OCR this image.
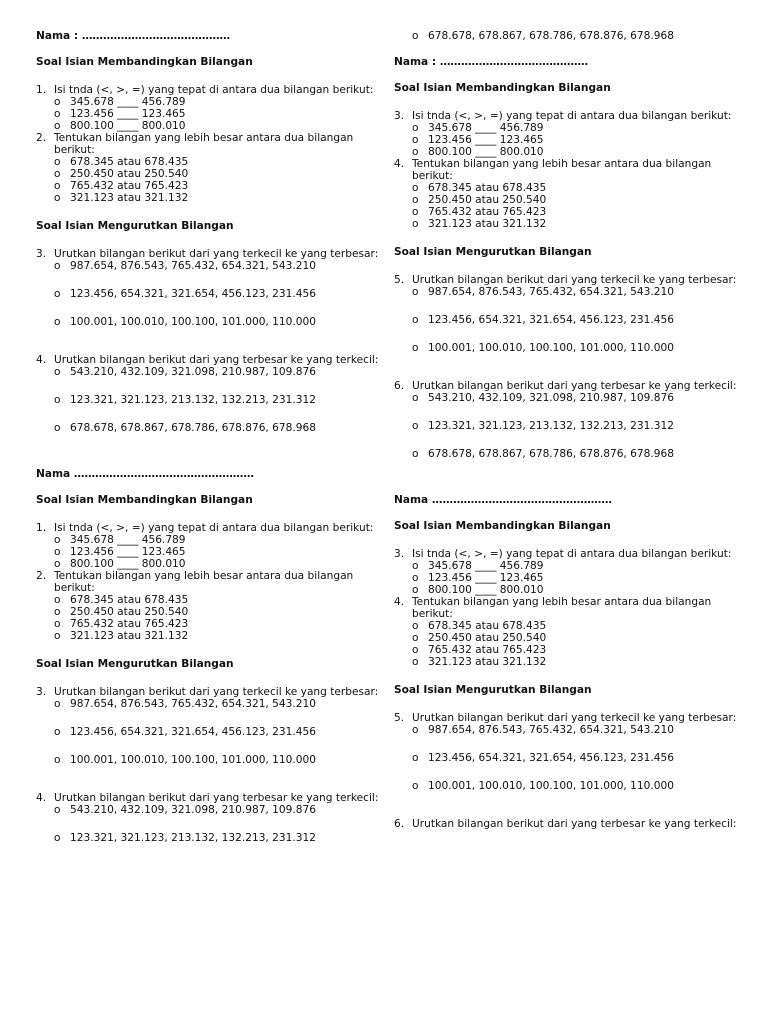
Nama : ……………………………………

Soal Isian Membandingkan Bilangan

1. Isi tnda (<, >, =) yang tepat di antara dua bilangan berikut:
o 345.678 ____ 456.789
o 123.456 ____ 123.465
o 800.100 ____ 800.010
2. Tentukan bilangan yang lebih besar antara dua bilangan berikut:
o 678.345 atau 678.435
o 250.450 atau 250.540
o 765.432 atau 765.423
o 321.123 atau 321.132

Soal Isian Mengurutkan Bilangan

3. Urutkan bilangan berikut dari yang terkecil ke yang terbesar:
o 987.654, 876.543, 765.432, 654.321, 543.210
o 123.456, 654.321, 321.654, 456.123, 231.456
o 100.001, 100.010, 100.100, 101.000, 110.000
4. Urutkan bilangan berikut dari yang terbesar ke yang terkecil:
o 543.210, 432.109, 321.098, 210.987, 109.876
o 123.321, 321.123, 213.132, 132.213, 231.312
o 678.678, 678.867, 678.786, 678.876, 678.968

Nama ……………………………………………

Soal Isian Membandingkan Bilangan

1. Isi tnda (<, >, =) yang tepat di antara dua bilangan berikut:
o 345.678 ____ 456.789
o 123.456 ____ 123.465
o 800.100 ____ 800.010
2. Tentukan bilangan yang lebih besar antara dua bilangan berikut:
o 678.345 atau 678.435
o 250.450 atau 250.540
o 765.432 atau 765.423
o 321.123 atau 321.132

Soal Isian Mengurutkan Bilangan

3. Urutkan bilangan berikut dari yang terkecil ke yang terbesar:
o 987.654, 876.543, 765.432, 654.321, 543.210
o 123.456, 654.321, 321.654, 456.123, 231.456
o 100.001, 100.010, 100.100, 101.000, 110.000
4. Urutkan bilangan berikut dari yang terbesar ke yang terkecil:
o 543.210, 432.109, 321.098, 210.987, 109.876
o 123.321, 321.123, 213.132, 132.213, 231.312
o 678.678, 678.867, 678.786, 678.876, 678.968

Nama : ……………………………………

Soal Isian Membandingkan Bilangan

3. Isi tnda (<, >, =) yang tepat di antara dua bilangan berikut:
o 345.678 ____ 456.789
o 123.456 ____ 123.465
o 800.100 ____ 800.010
4. Tentukan bilangan yang lebih besar antara dua bilangan berikut:
o 678.345 atau 678.435
o 250.450 atau 250.540
o 765.432 atau 765.423
o 321.123 atau 321.132

Soal Isian Mengurutkan Bilangan

5. Urutkan bilangan berikut dari yang terkecil ke yang terbesar:
o 987.654, 876.543, 765.432, 654.321, 543.210
o 123.456, 654.321, 321.654, 456.123, 231.456
o 100.001, 100.010, 100.100, 101.000, 110.000
6. Urutkan bilangan berikut dari yang terbesar ke yang terkecil:
o 543.210, 432.109, 321.098, 210.987, 109.876
o 123.321, 321.123, 213.132, 132.213, 231.312
o 678.678, 678.867, 678.786, 678.876, 678.968

Nama ……………………………………………

Soal Isian Membandingkan Bilangan

3. Isi tnda (<, >, =) yang tepat di antara dua bilangan berikut:
o 345.678 ____ 456.789
o 123.456 ____ 123.465
o 800.100 ____ 800.010
4. Tentukan bilangan yang lebih besar antara dua bilangan berikut:
o 678.345 atau 678.435
o 250.450 atau 250.540
o 765.432 atau 765.423
o 321.123 atau 321.132

Soal Isian Mengurutkan Bilangan

5. Urutkan bilangan berikut dari yang terkecil ke yang terbesar:
o 987.654, 876.543, 765.432, 654.321, 543.210
o 123.456, 654.321, 321.654, 456.123, 231.456
o 100.001, 100.010, 100.100, 101.000, 110.000
6. Urutkan bilangan berikut dari yang terbesar ke yang terkecil:
